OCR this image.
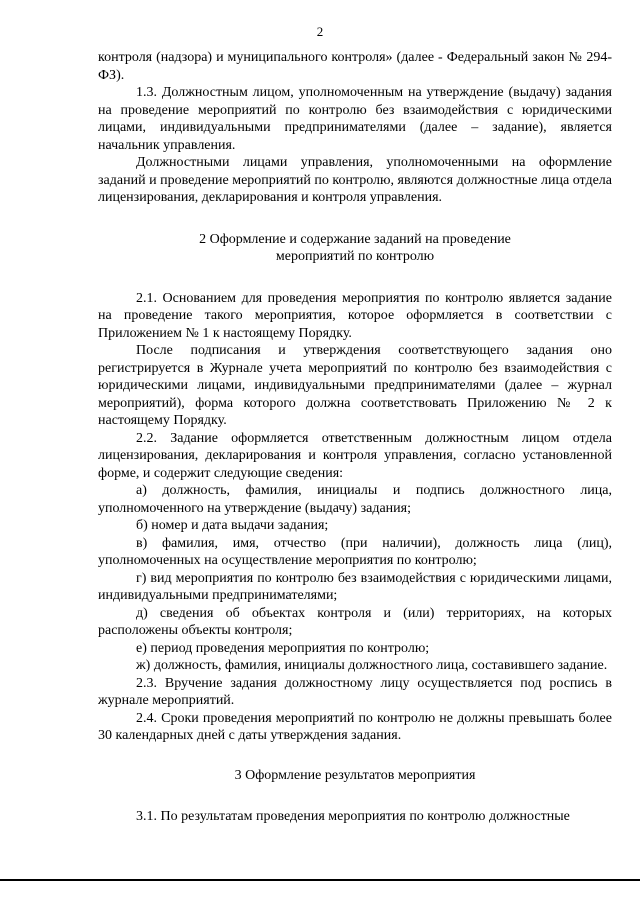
2

контроля (надзора) и муниципального контроля» (далее - Федеральный закон № 294-ФЗ).

1.3. Должностным лицом, уполномоченным на утверждение (выдачу) задания на проведение мероприятий по контролю без взаимодействия с юридическими лицами, индивидуальными предпринимателями (далее – задание), является начальник управления.

Должностными лицами управления, уполномоченными на оформление заданий и проведение мероприятий по контролю, являются должностные лица отдела лицензирования, декларирования и контроля управления.

2 Оформление и содержание заданий на проведение

мероприятий по контролю

2.1. Основанием для проведения мероприятия по контролю является задание на проведение такого мероприятия, которое оформляется в соответствии с Приложением № 1 к настоящему Порядку.

После подписания и утверждения соответствующего задания оно регистрируется в Журнале учета мероприятий по контролю без взаимодействия с юридическими лицами, индивидуальными предпринимателями (далее – журнал мероприятий), форма которого должна соответствовать Приложению № 2 к настоящему Порядку.

2.2. Задание оформляется ответственным должностным лицом отдела лицензирования, декларирования и контроля управления, согласно установленной форме, и содержит следующие сведения:

а) должность, фамилия, инициалы и подпись должностного лица, уполномоченного на утверждение (выдачу) задания;

б) номер и дата выдачи задания;

в) фамилия, имя, отчество (при наличии), должность лица (лиц), уполномоченных на осуществление мероприятия по контролю;

г) вид мероприятия по контролю без взаимодействия с юридическими лицами, индивидуальными предпринимателями;

д) сведения об объектах контроля и (или) территориях, на которых расположены объекты контроля;

е) период проведения мероприятия по контролю;

ж) должность, фамилия, инициалы должностного лица, составившего задание.

2.3. Вручение задания должностному лицу осуществляется под роспись в журнале мероприятий.

2.4. Сроки проведения мероприятий по контролю не должны превышать более 30 календарных дней с даты утверждения задания.

3 Оформление результатов мероприятия

3.1. По результатам проведения мероприятия по контролю должностные
